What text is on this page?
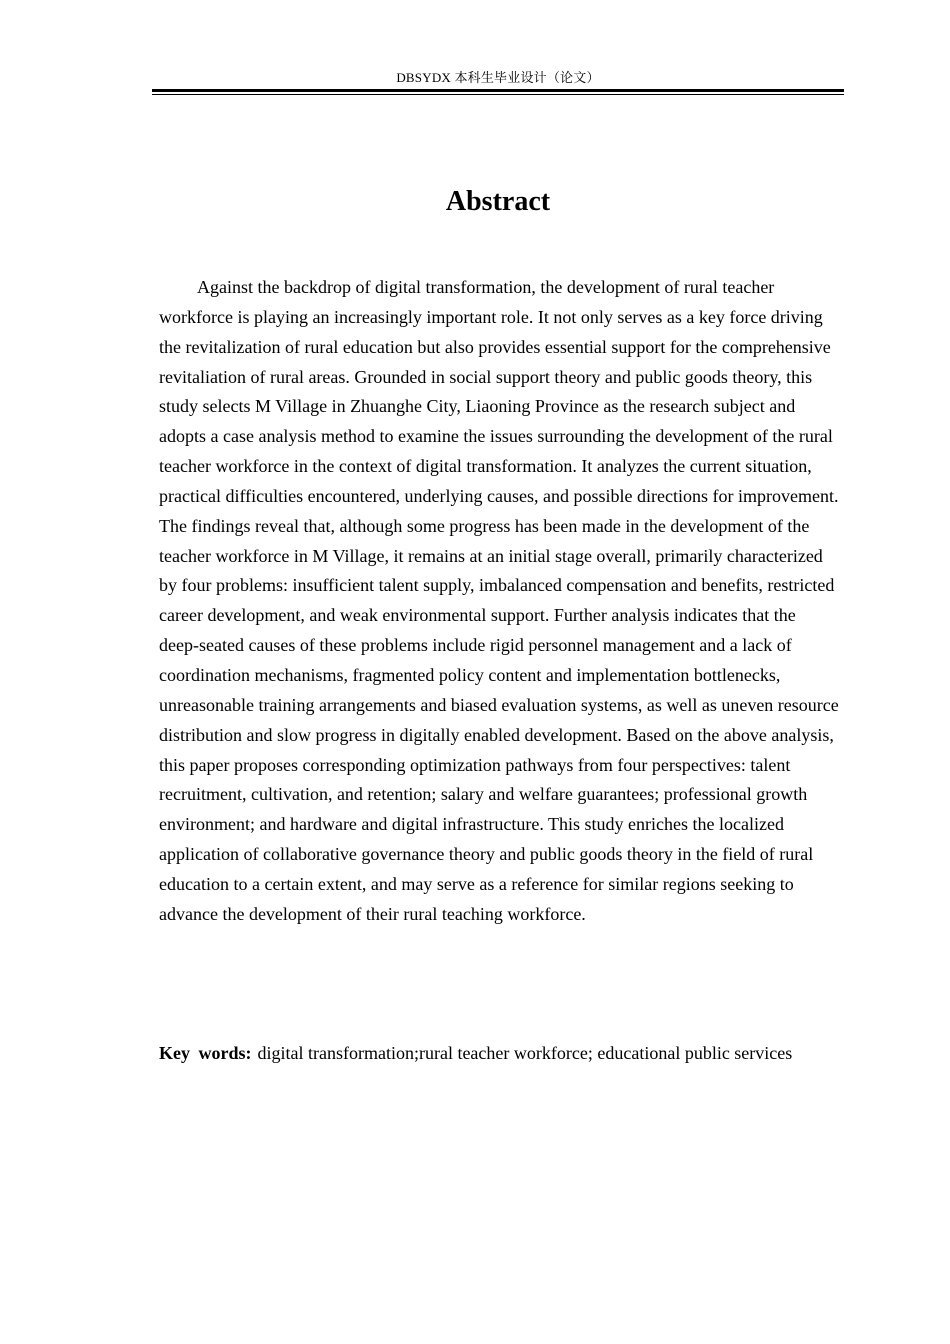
DBSYDX 本科生毕业设计（论文）
Abstract

Against the backdrop of digital transformation, the development of rural teacher workforce is playing an increasingly important role. It not only serves as a key force driving the revitalization of rural education but also provides essential support for the comprehensive revitaliation of rural areas. Grounded in social support theory and public goods theory, this study selects M Village in Zhuanghe City, Liaoning Province as the research subject and adopts a case analysis method to examine the issues surrounding the development of the rural teacher workforce in the context of digital transformation. It analyzes the current situation, practical difficulties encountered, underlying causes, and possible directions for improvement. The findings reveal that, although some progress has been made in the development of the teacher workforce in M Village, it remains at an initial stage overall, primarily characterized by four problems: insufficient talent supply, imbalanced compensation and benefits, restricted career development, and weak environmental support. Further analysis indicates that the deep-seated causes of these problems include rigid personnel management and a lack of coordination mechanisms, fragmented policy content and implementation bottlenecks, unreasonable training arrangements and biased evaluation systems, as well as uneven resource distribution and slow progress in digitally enabled development. Based on the above analysis, this paper proposes corresponding optimization pathways from four perspectives: talent recruitment, cultivation, and retention; salary and welfare guarantees; professional growth environment; and hardware and digital infrastructure. This study enriches the localized application of collaborative governance theory and public goods theory in the field of rural education to a certain extent, and may serve as a reference for similar regions seeking to advance the development of their rural teaching workforce.

Key words: digital transformation;rural teacher workforce; educational public services
